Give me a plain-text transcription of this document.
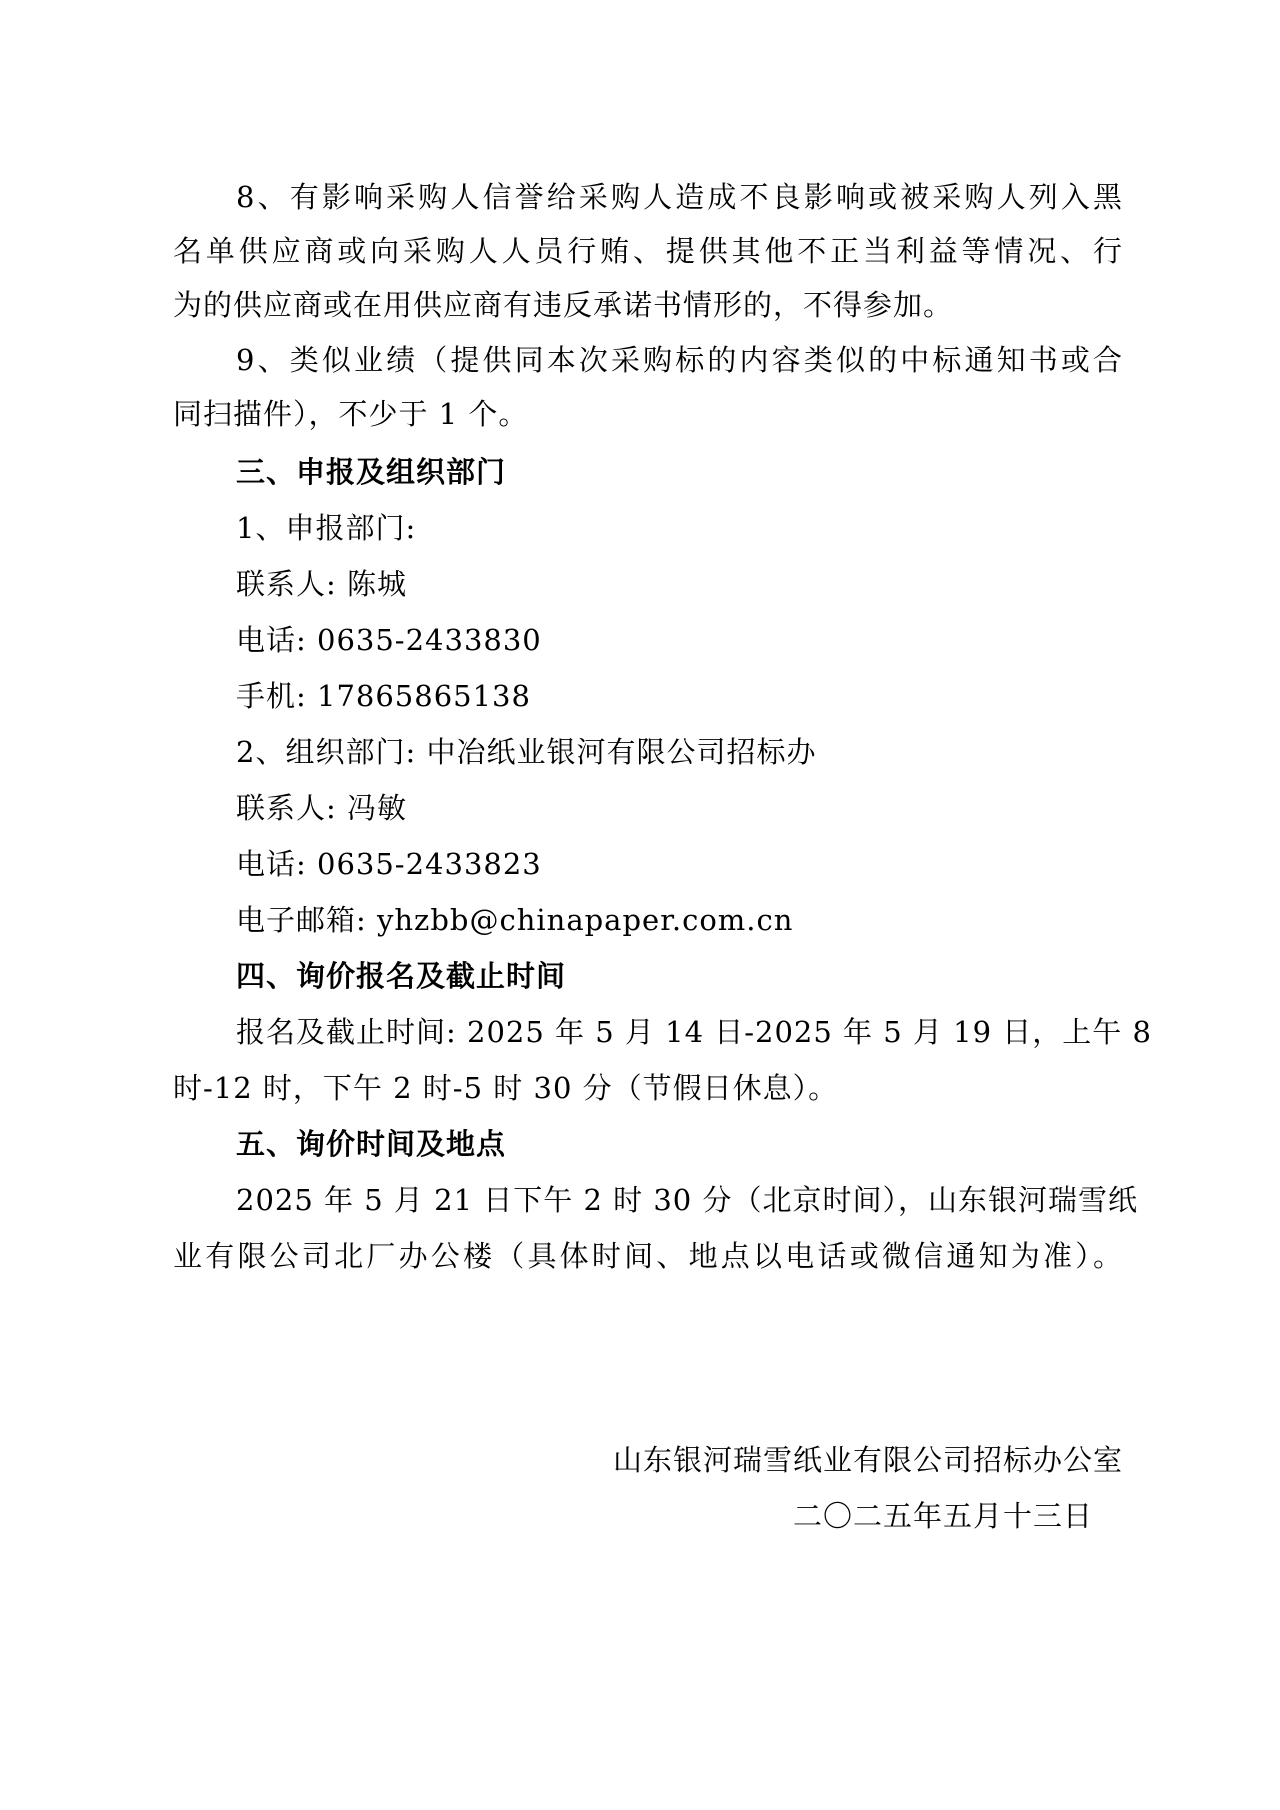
8、有影响采购人信誉给采购人造成不良影响或被采购人列入黑
名单供应商或向采购人人员行贿、提供其他不正当利益等情况、行
为的供应商或在用供应商有违反承诺书情形的，不得参加。
9、类似业绩（提供同本次采购标的内容类似的中标通知书或合
同扫描件），不少于 1 个。
三、申报及组织部门
1、申报部门:
联系人: 陈城
电话: 0635-2433830
手机: 17865865138
2、组织部门: 中冶纸业银河有限公司招标办
联系人: 冯敏
电话: 0635-2433823
电子邮箱: yhzbb@chinapaper.com.cn
四、询价报名及截止时间
报名及截止时间: 2025 年 5 月 14 日-2025 年 5 月 19 日，上午 8
时-12 时，下午 2 时-5 时 30 分（节假日休息）。
五、询价时间及地点
2025 年 5 月 21 日下午 2 时 30 分（北京时间），山东银河瑞雪纸
业有限公司北厂办公楼（具体时间、地点以电话或微信通知为准）。
山东银河瑞雪纸业有限公司招标办公室
二〇二五年五月十三日
